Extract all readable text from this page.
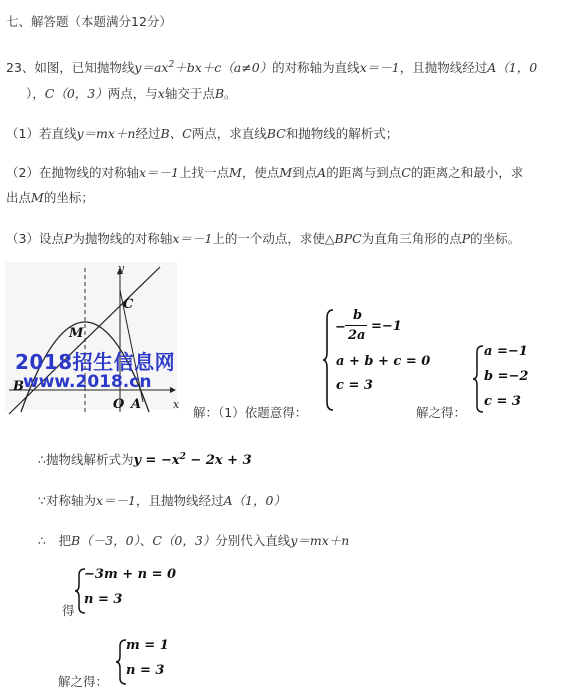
七、解答题（本题满分12分）
23、如图，已知抛物线$y=ax^2+bx+c(a\ne 0)$的对称轴为直线x＝－1，且抛物线经过A（1，0
），C（0，3）两点，与x轴交于点B。
（1）若直线y＝mx＋n经过B、C两点，求直线BC和抛物线的解析式；
（2）在抛物线的对称轴x＝－1上找一点M，使点M到点A的距离与到点C的距离之和最小，求
出点M的坐标；
（3）设点P为抛物线的对称轴x＝－1上的一个动点，求使△BPC为直角三角形的点P的坐标。
y
x
C
M
B
O A
2018招生信息网
www.2018.cn
解：（1）依题意得：
−
b
2a
=−1
a + b + c = 0
c = 3
解之得：
a =−1
b =−2
c = 3
∴抛物线解析式为$y = -x^2 - 2x + 3$
∵对称轴为x＝－1，且抛物线经过A（1，0）
∴　把B（－3，0）、C（0，3）分别代入直线y＝mx＋n
得
−3m + n = 0
n = 3
解之得：
m = 1
n = 3
